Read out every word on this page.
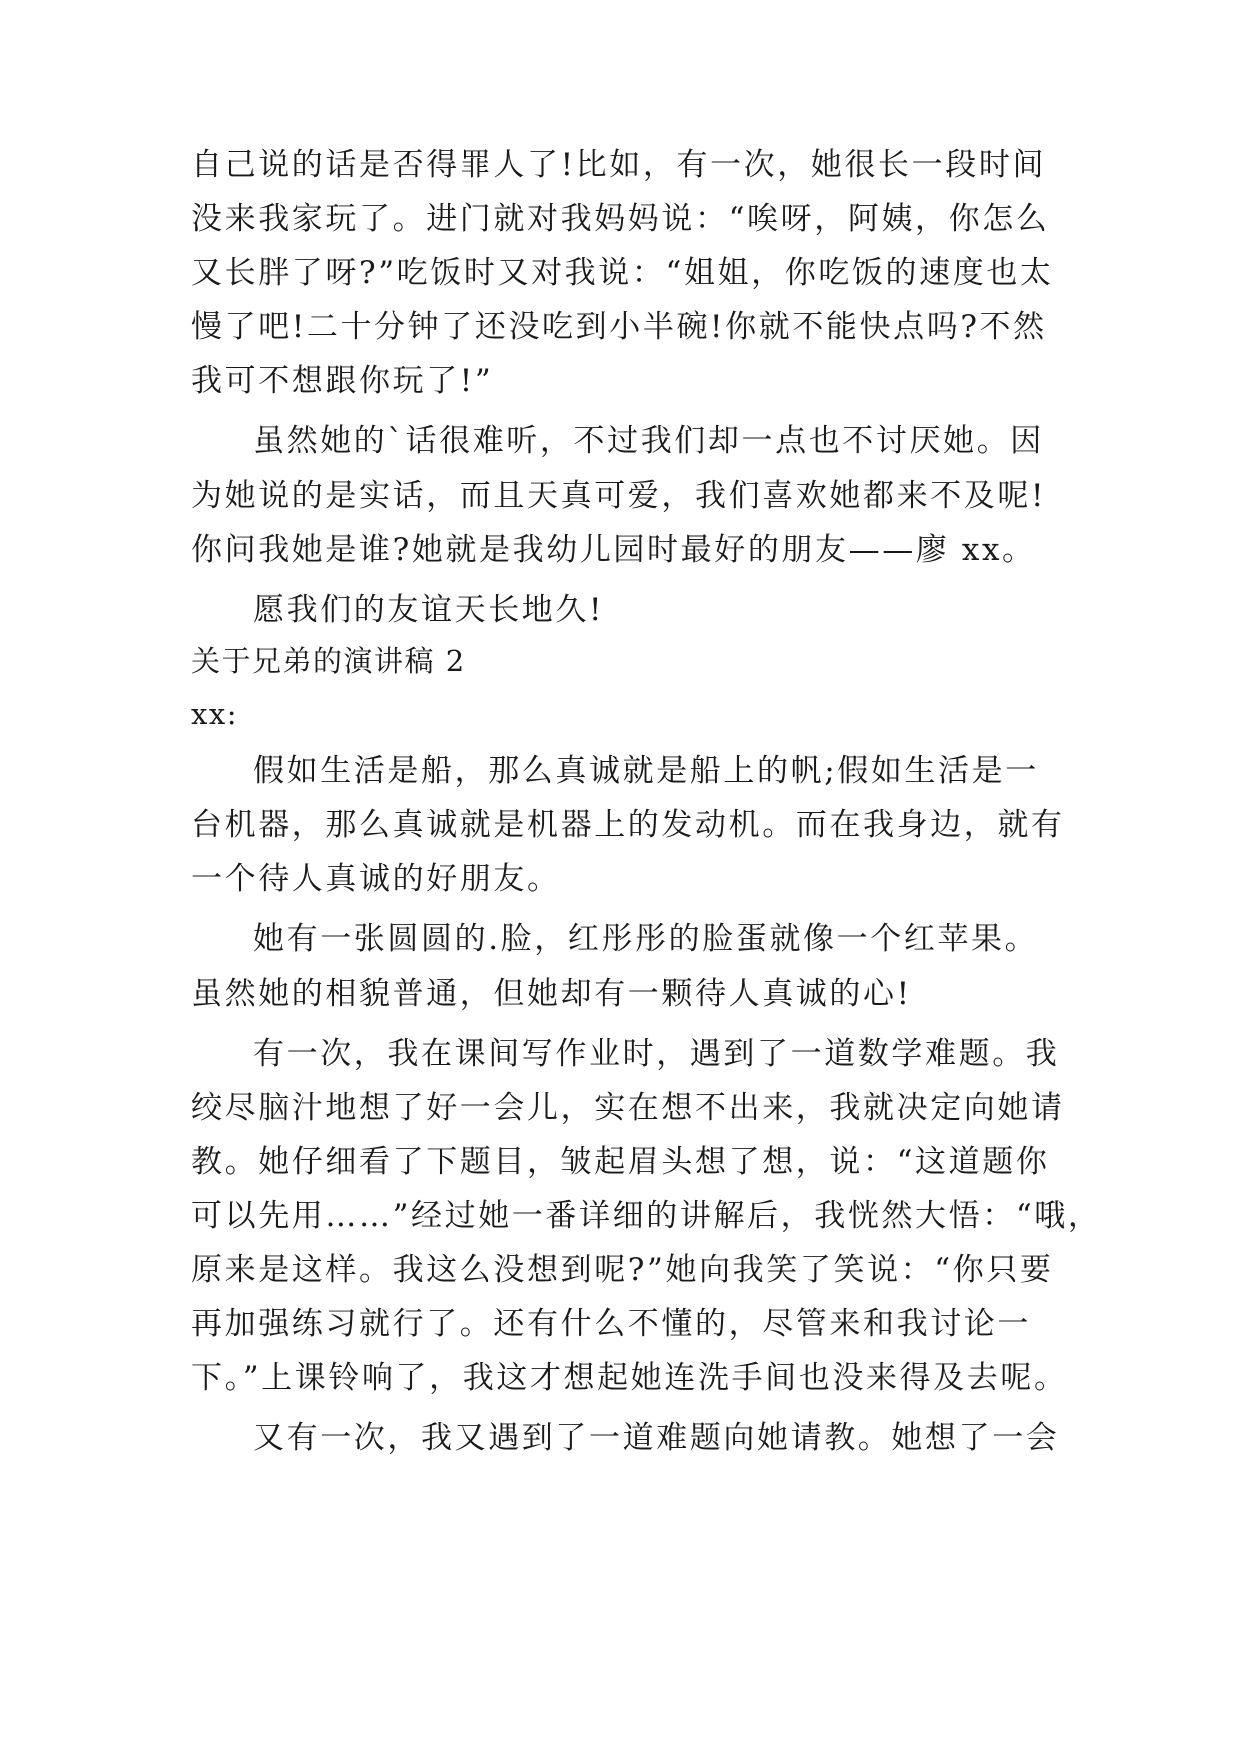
自己说的话是否得罪人了!比如，有一次，她很长一段时间
没来我家玩了。进门就对我妈妈说：“唉呀，阿姨，你怎么
又长胖了呀?”吃饭时又对我说：“姐姐，你吃饭的速度也太
慢了吧!二十分钟了还没吃到小半碗!你就不能快点吗?不然
我可不想跟你玩了!”
虽然她的`话很难听，不过我们却一点也不讨厌她。因
为她说的是实话，而且天真可爱，我们喜欢她都来不及呢!
你问我她是谁?她就是我幼儿园时最好的朋友——廖 xx。
愿我们的友谊天长地久!
关于兄弟的演讲稿 2
xx:
假如生活是船，那么真诚就是船上的帆;假如生活是一
台机器，那么真诚就是机器上的发动机。而在我身边，就有
一个待人真诚的好朋友。
她有一张圆圆的.脸，红彤彤的脸蛋就像一个红苹果。
虽然她的相貌普通，但她却有一颗待人真诚的心!
有一次，我在课间写作业时，遇到了一道数学难题。我
绞尽脑汁地想了好一会儿，实在想不出来，我就决定向她请
教。她仔细看了下题目，皱起眉头想了想，说：“这道题你
可以先用……”经过她一番详细的讲解后，我恍然大悟：“哦，
原来是这样。我这么没想到呢?”她向我笑了笑说：“你只要
再加强练习就行了。还有什么不懂的，尽管来和我讨论一
下。”上课铃响了，我这才想起她连洗手间也没来得及去呢。
又有一次，我又遇到了一道难题向她请教。她想了一会
